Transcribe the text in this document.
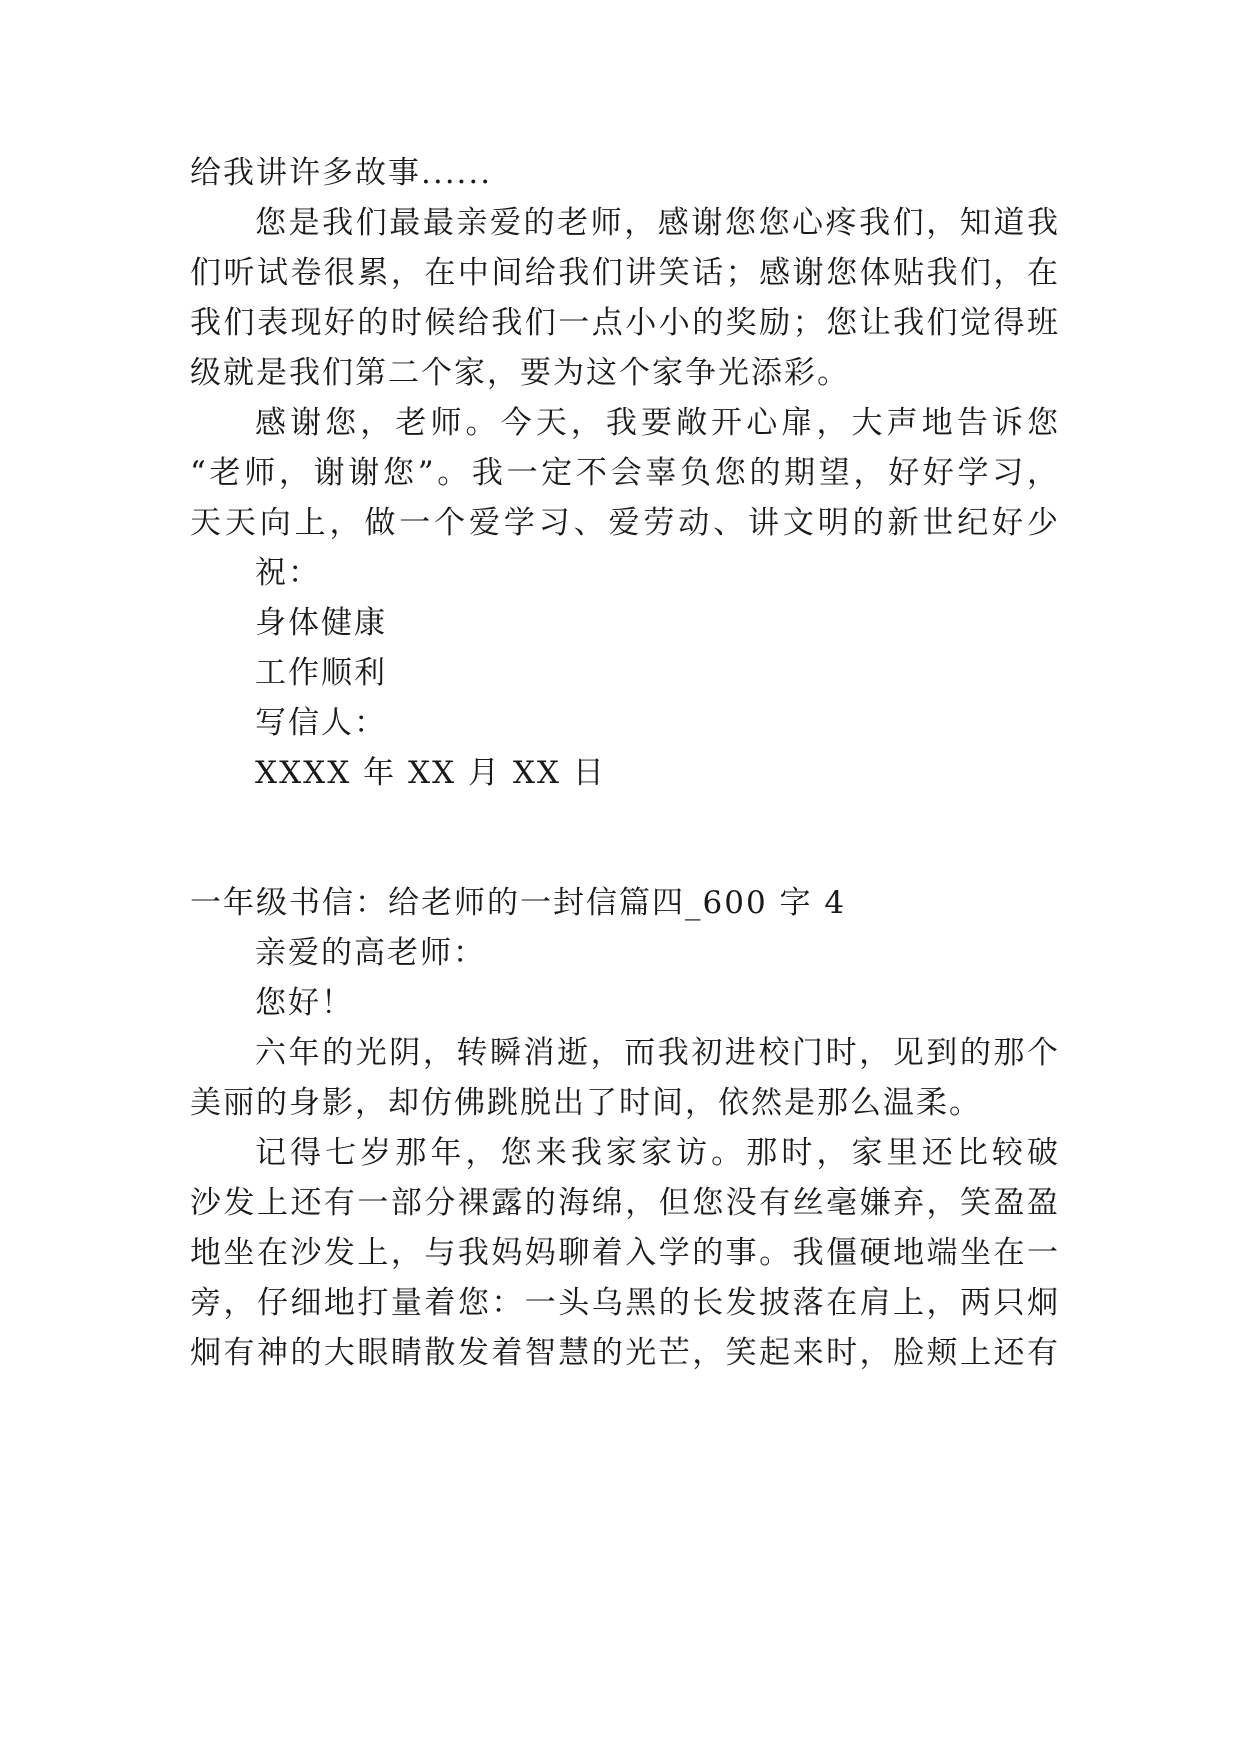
给我讲许多故事......
您是我们最最亲爱的老师，感谢您您心疼我们，知道我
们听试卷很累，在中间给我们讲笑话；感谢您体贴我们，在
我们表现好的时候给我们一点小小的奖励；您让我们觉得班
级就是我们第二个家，要为这个家争光添彩。
感谢您，老师。今天，我要敞开心扉，大声地告诉您
“老师，谢谢您”。我一定不会辜负您的期望，好好学习，
天天向上，做一个爱学习、爱劳动、讲文明的新世纪好少
祝：
身体健康
工作顺利
写信人：
XXXX 年 XX 月 XX 日
一年级书信：给老师的一封信篇四_600 字 4
亲爱的高老师：
您好！
六年的光阴，转瞬消逝，而我初进校门时，见到的那个
美丽的身影，却仿佛跳脱出了时间，依然是那么温柔。
记得七岁那年，您来我家家访。那时，家里还比较破
沙发上还有一部分裸露的海绵，但您没有丝毫嫌弃，笑盈盈
地坐在沙发上，与我妈妈聊着入学的事。我僵硬地端坐在一
旁，仔细地打量着您：一头乌黑的长发披落在肩上，两只炯
炯有神的大眼睛散发着智慧的光芒，笑起来时，脸颊上还有
